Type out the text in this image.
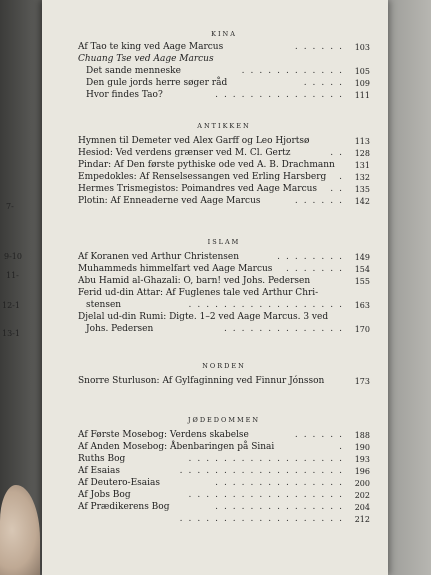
7-
9-10
11-
12-1
13-1
KINA
Af Tao te king ved Aage Marcus	...... 103
Chuang Tse ved Aage Marcus
Det sande menneske	............ 105
Den gule jords herre søger råd	..... 109
Hvor findes Tao?	............... 111
ANTIKKEN
Hymnen til Demeter ved Alex Garff og Leo Hjortsø	113
Hesiod: Ved verdens grænser ved M. Cl. Gertz	.. 128
Pindar: Af Den første pythiske ode ved A. B. Drachmann 131
Empedokles: Af Renselsessangen ved Erling Harsberg . 132
Hermes Trismegistos: Poimandres ved Aage Marcus .. 135
Plotin: Af Enneaderne ved Aage Marcus	...... 142
ISLAM
Af Koranen ved Arthur Christensen	........ 149
Muhammeds himmelfart ved Aage Marcus ....... 154
Abu Hamid al-Ghazali: O, barn! ved Johs. Pedersen	155
Ferid ud-din Attar: Af Fuglenes tale ved Arthur Chri-
stensen	.................. 163
Djelal ud-din Rumi: Digte. 1–2 ved Aage Marcus. 3 ved
Johs. Pedersen	.............. 170
NORDEN
Snorre Sturluson: Af Gylfaginning ved Finnur Jónsson	173
JØDEDOMMEN
Af Første Mosebog: Verdens skabelse	...... 188
Af Anden Mosebog: Åbenbaringen på Sinai	. 190
Ruths Bog	.................. 193
Af Esaias	................... 196
Af Deutero-Esaias	............... 200
Af Jobs Bog	.................. 202
Af Prædikerens Bog	............... 204
................... 212
